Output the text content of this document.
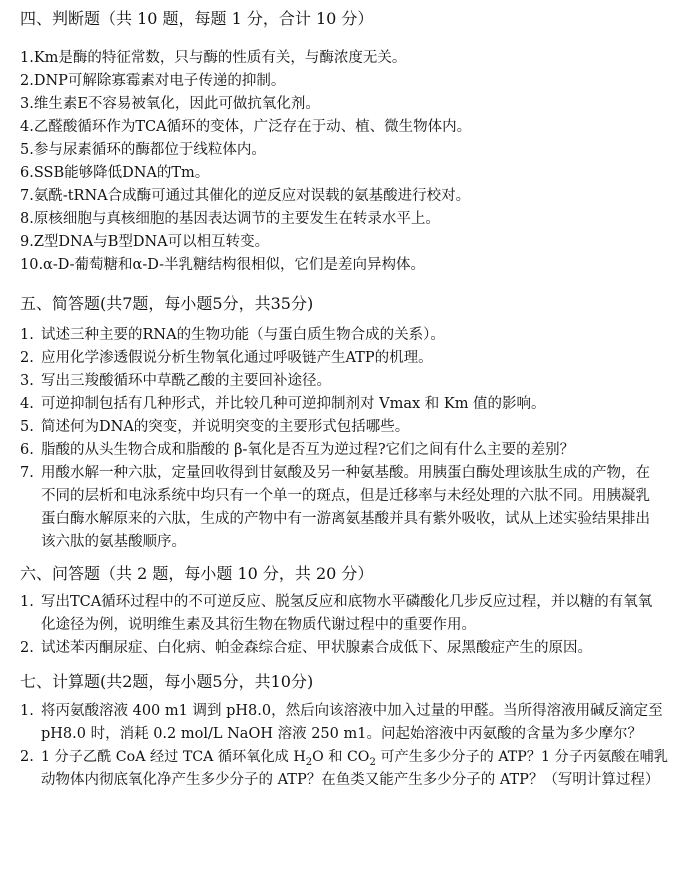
四、判断题（共 10 题，每题 1 分，合计 10 分）
1.Km是酶的特征常数，只与酶的性质有关，与酶浓度无关。
2.DNP可解除寡霉素对电子传递的抑制。
3.维生素E不容易被氧化，因此可做抗氧化剂。
4.乙醛酸循环作为TCA循环的变体，广泛存在于动、植、微生物体内。
5.参与尿素循环的酶都位于线粒体内。
6.SSB能够降低DNA的Tm。
7.氨酰-tRNA合成酶可通过其催化的逆反应对误载的氨基酸进行校对。
8.原核细胞与真核细胞的基因表达调节的主要发生在转录水平上。
9.Z型DNA与B型DNA可以相互转变。
10.α-D-葡萄糖和α-D-半乳糖结构很相似，它们是差向异构体。
五、简答题(共7题，每小题5分，共35分)
1. 试述三种主要的RNA的生物功能（与蛋白质生物合成的关系）。
2. 应用化学渗透假说分析生物氧化通过呼吸链产生ATP的机理。
3. 写出三羧酸循环中草酰乙酸的主要回补途径。
4. 可逆抑制包括有几种形式，并比较几种可逆抑制剂对 Vmax 和 Km 值的影响。
5. 简述何为DNA的突变，并说明突变的主要形式包括哪些。
6. 脂酸的从头生物合成和脂酸的 β-氧化是否互为逆过程?它们之间有什么主要的差别？
7. 用酸水解一种六肽，定量回收得到甘氨酸及另一种氨基酸。用胰蛋白酶处理该肽生成的产物，在
不同的层析和电泳系统中均只有一个单一的斑点，但是迁移率与未经处理的六肽不同。用胰凝乳
蛋白酶水解原来的六肽，生成的产物中有一游离氨基酸并具有紫外吸收，试从上述实验结果排出
该六肽的氨基酸顺序。
六、问答题（共 2 题，每小题 10 分，共 20 分）
1. 写出TCA循环过程中的不可逆反应、脱氢反应和底物水平磷酸化几步反应过程，并以糖的有氧氧
化途径为例，说明维生素及其衍生物在物质代谢过程中的重要作用。
2. 试述苯丙酮尿症、白化病、帕金森综合症、甲状腺素合成低下、尿黑酸症产生的原因。
七、计算题(共2题，每小题5分，共10分)
1. 将丙氨酸溶液 400 m1 调到 pH8.0，然后向该溶液中加入过量的甲醛。当所得溶液用碱反滴定至
pH8.0 时，消耗 0.2 mol/L NaOH 溶液 250 m1。问起始溶液中丙氨酸的含量为多少摩尔？
2. 1 分子乙酰 CoA 经过 TCA 循环氧化成 $H_2O$ 和 $CO_2$ 可产生多少分子的 ATP？1 分子丙氨酸在哺乳
动物体内彻底氧化净产生多少分子的 ATP？在鱼类又能产生多少分子的 ATP？（写明计算过程）
